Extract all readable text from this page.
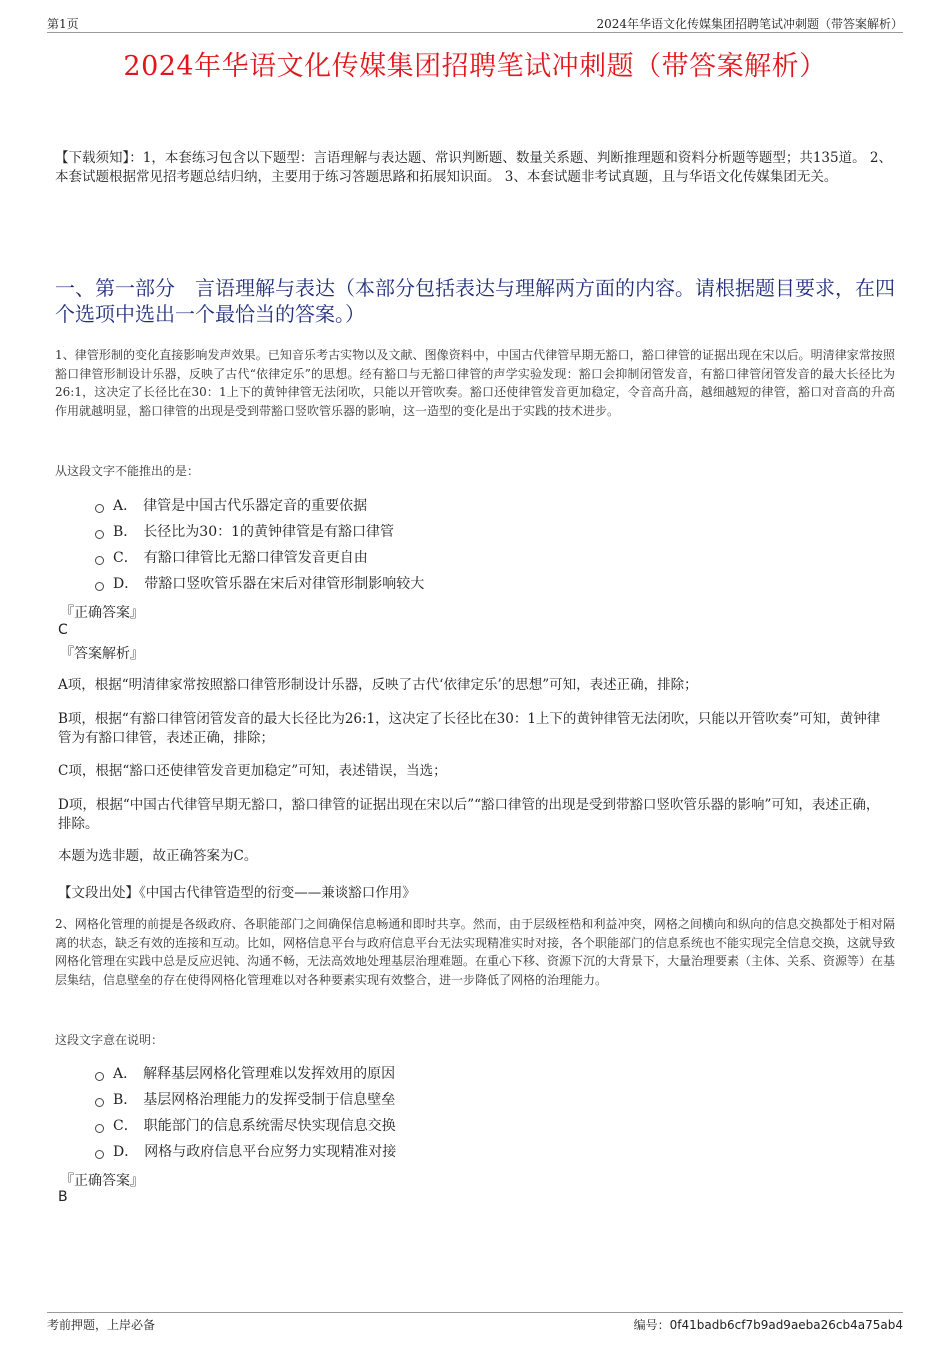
第1页	2024年华语文化传媒集团招聘笔试冲刺题（带答案解析）
2024年华语文化传媒集团招聘笔试冲刺题（带答案解析）
【下载须知】：1，本套练习包含以下题型：言语理解与表达题、常识判断题、数量关系题、判断推理题和资料分析题等题型；共135道。 2、本套试题根据常见招考题总结归纳，主要用于练习答题思路和拓展知识面。 3、本套试题非考试真题，且与华语文化传媒集团无关。
一、第一部分　言语理解与表达（本部分包括表达与理解两方面的内容。请根据题目要求，在四个选项中选出一个最恰当的答案。）

1、律管形制的变化直接影响发声效果。已知音乐考古实物以及文献、图像资料中，中国古代律管早期无豁口，豁口律管的证据出现在宋以后。明清律家常按照豁口律管形制设计乐器，反映了古代“依律定乐”的思想。经有豁口与无豁口律管的声学实验发现：豁口会抑制闭管发音，有豁口律管闭管发音的最大长径比为26:1，这决定了长径比在30：1上下的黄钟律管无法闭吹，只能以开管吹奏。豁口还使律管发音更加稳定，令音高升高，越细越短的律管，豁口对音高的升高作用就越明显，豁口律管的出现是受到带豁口竖吹管乐器的影响，这一造型的变化是出于实践的技术进步。

从这段文字不能推出的是：
A． 律管是中国古代乐器定音的重要依据
B． 长径比为30：1的黄钟律管是有豁口律管
C． 有豁口律管比无豁口律管发音更自由
D． 带豁口竖吹管乐器在宋后对律管形制影响较大
『正确答案』
C
『答案解析』

A项，根据“明清律家常按照豁口律管形制设计乐器，反映了古代‘依律定乐’的思想”可知，表述正确，排除；

B项，根据“有豁口律管闭管发音的最大长径比为26:1，这决定了长径比在30：1上下的黄钟律管无法闭吹，只能以开管吹奏”可知，黄钟律管为有豁口律管，表述正确，排除；

C项，根据“豁口还使律管发音更加稳定”可知，表述错误，当选；

D项，根据“中国古代律管早期无豁口，豁口律管的证据出现在宋以后”“豁口律管的出现是受到带豁口竖吹管乐器的影响”可知，表述正确，排除。

本题为选非题，故正确答案为C。

【文段出处】《中国古代律管造型的衍变——兼谈豁口作用》

2、网格化管理的前提是各级政府、各职能部门之间确保信息畅通和即时共享。然而，由于层级桎梏和利益冲突，网格之间横向和纵向的信息交换都处于相对隔离的状态，缺乏有效的连接和互动。比如，网格信息平台与政府信息平台无法实现精准实时对接，各个职能部门的信息系统也不能实现完全信息交换，这就导致网格化管理在实践中总是反应迟钝、沟通不畅，无法高效地处理基层治理难题。在重心下移、资源下沉的大背景下，大量治理要素（主体、关系、资源等）在基层集结，信息壁垒的存在使得网格化管理难以对各种要素实现有效整合，进一步降低了网格的治理能力。

这段文字意在说明：
A． 解释基层网格化管理难以发挥效用的原因
B． 基层网格治理能力的发挥受制于信息壁垒
C． 职能部门的信息系统需尽快实现信息交换
D． 网格与政府信息平台应努力实现精准对接
『正确答案』
B
考前押题，上岸必备	编号：0f41badb6cf7b9ad9aeba26cb4a75ab4
